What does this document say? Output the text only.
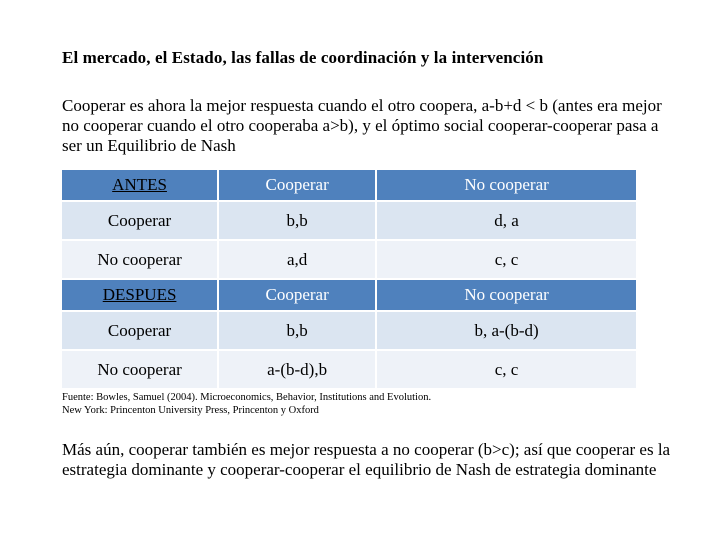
El mercado, el Estado, las fallas de coordinación y la intervención
Cooperar es ahora la mejor respuesta cuando el otro coopera, a-b+d < b (antes era mejor no cooperar cuando el otro cooperaba a>b), y el óptimo social cooperar-cooperar pasa a ser un Equilibrio de Nash
ANTES	Cooperar	No cooperar
Cooperar	b,b	d, a
No cooperar	a,d	c, c
DESPUES	Cooperar	No cooperar
Cooperar	b,b	b, a-(b-d)
No cooperar	a-(b-d),b	c, c
Fuente: Bowles, Samuel (2004). Microeconomics, Behavior, Institutions and Evolution.
New York: Princenton University Press, Princenton y Oxford
Más aún, cooperar también es mejor respuesta a no cooperar (b>c); así que cooperar es la estrategia dominante y cooperar-cooperar el equilibrio de Nash de estrategia dominante
